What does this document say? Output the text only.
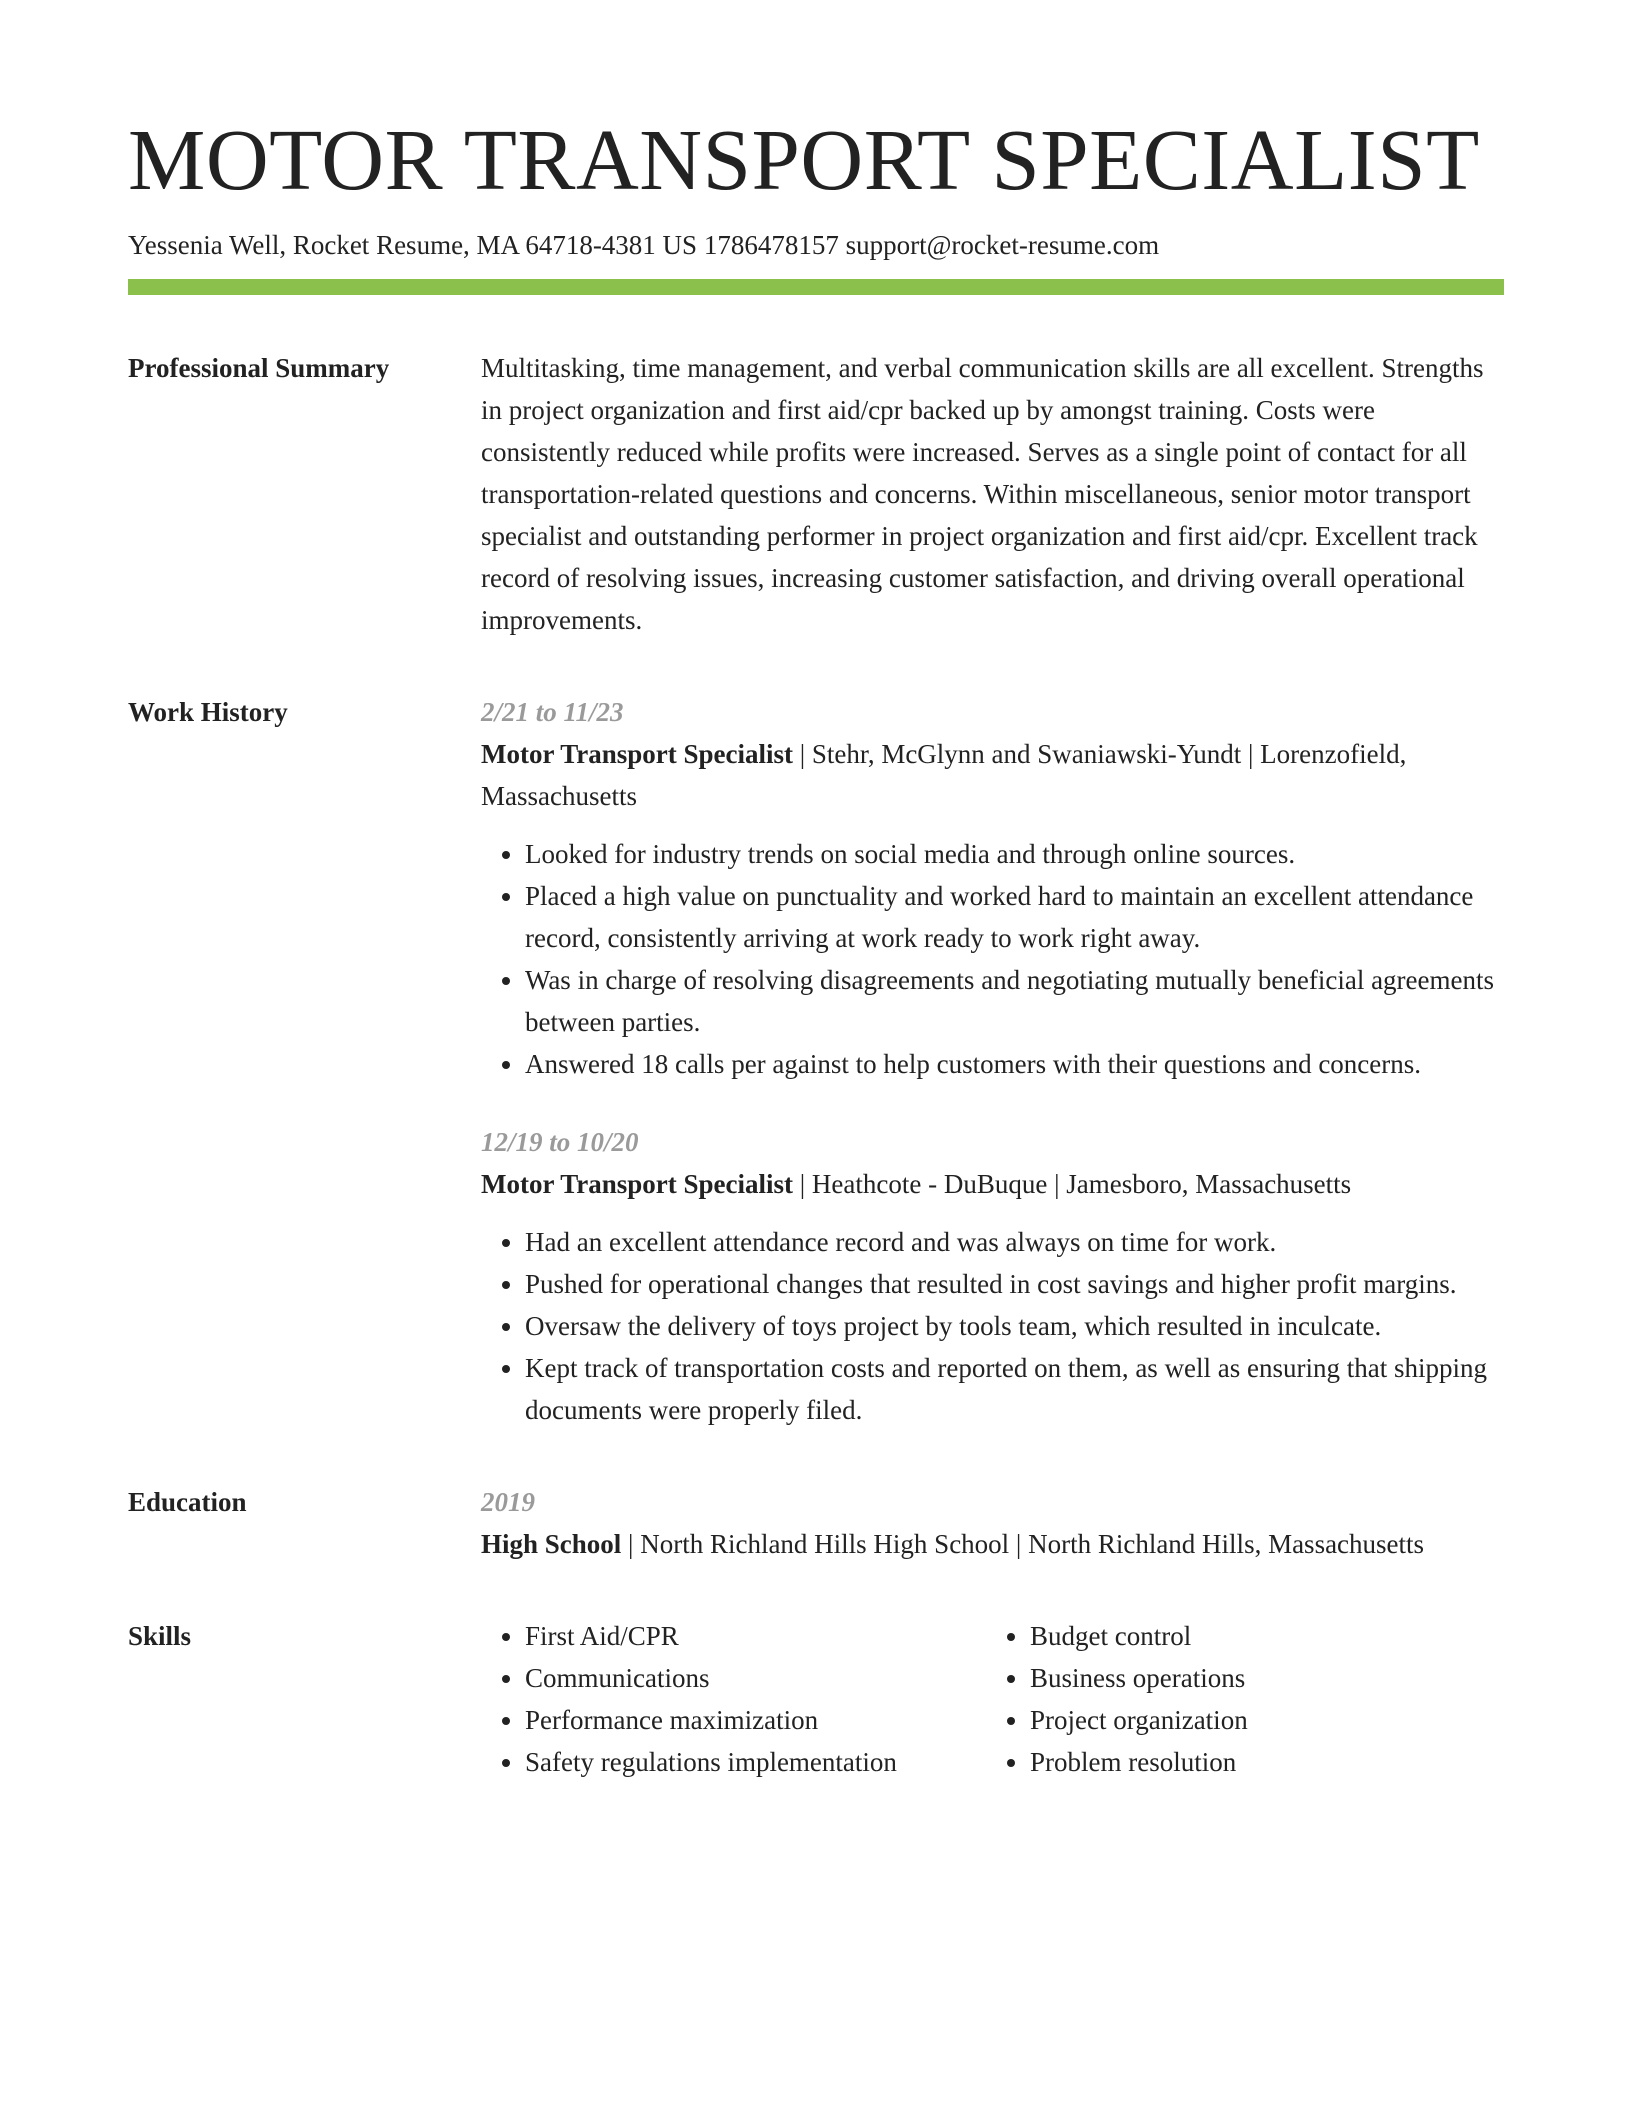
MOTOR TRANSPORT SPECIALIST
Yessenia Well, Rocket Resume, MA 64718-4381 US 1786478157 support@rocket-resume.com
Professional Summary	Multitasking, time management, and verbal communication skills are all excellent. Strengths in project organization and first aid/cpr backed up by amongst training. Costs were consistently reduced while profits were increased. Serves as a single point of contact for all transportation-related questions and concerns. Within miscellaneous, senior motor transport specialist and outstanding performer in project organization and first aid/cpr. Excellent track record of resolving issues, increasing customer satisfaction, and driving overall operational improvements.

Work History	2/21 to 11/23

Motor Transport Specialist | Stehr, McGlynn and Swaniawski-Yundt | Lorenzofield, Massachusetts

• Looked for industry trends on social media and through online sources.
• Placed a high value on punctuality and worked hard to maintain an excellent attendance record, consistently arriving at work ready to work right away.
• Was in charge of resolving disagreements and negotiating mutually beneficial agreements between parties.
• Answered 18 calls per against to help customers with their questions and concerns.
12/19 to 10/20

Motor Transport Specialist | Heathcote - DuBuque | Jamesboro, Massachusetts

• Had an excellent attendance record and was always on time for work.
• Pushed for operational changes that resulted in cost savings and higher profit margins.
• Oversaw the delivery of toys project by tools team, which resulted in inculcate.
• Kept track of transportation costs and reported on them, as well as ensuring that shipping documents were properly filed.
Education	2019

High School | North Richland Hills High School | North Richland Hills, Massachusetts

Skills
•	First Aid/CPR
• Communications
• Performance maximization
• Safety regulations implementation
• Budget control
• Business operations
• Project organization
• Problem resolution
